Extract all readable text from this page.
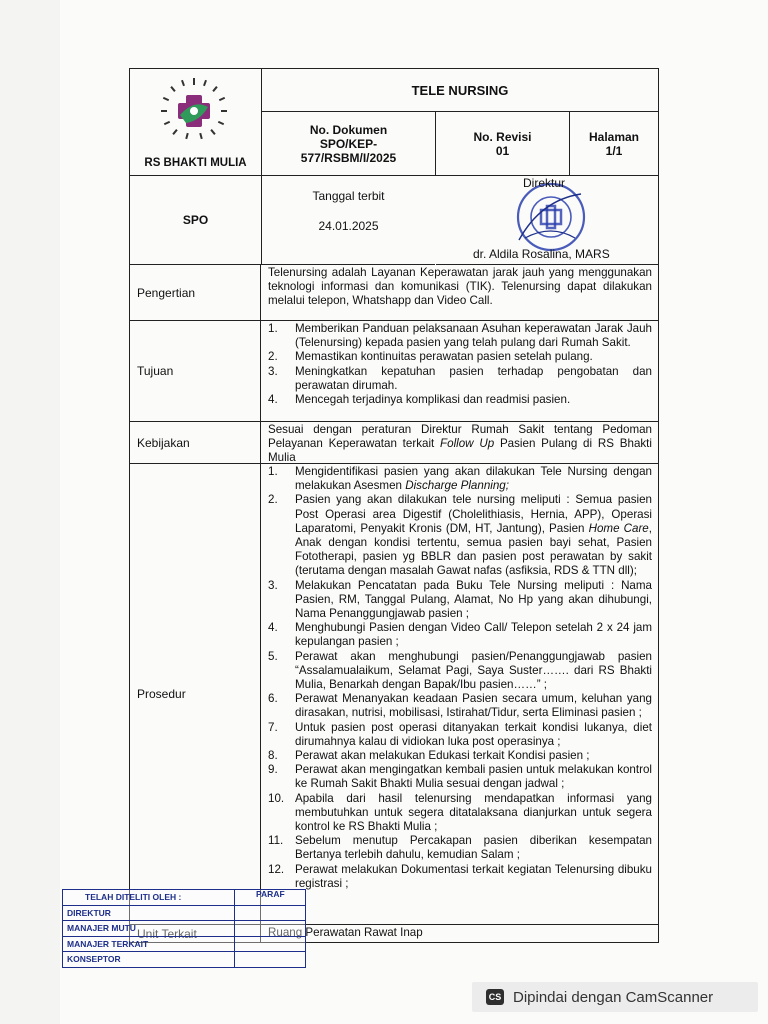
RS BHAKTI MULIA
TELE NURSING
No. Dokumen
SPO/KEP-
577/RSBM/I/2025
No. Revisi
01
Halaman
1/1
SPO
Tanggal terbit
24.01.2025
Direktur
dr. Aldila Rosalina, MARS
Pengertian
Telenursing adalah Layanan Keperawatan jarak jauh yang menggunakan teknologi informasi dan komunikasi (TIK). Telenursing dapat dilakukan melalui telepon, Whatshapp dan Video Call.
Tujuan
1. Memberikan Panduan pelaksanaan Asuhan keperawatan Jarak Jauh (Telenursing) kepada pasien yang telah pulang dari Rumah Sakit.
2. Memastikan kontinuitas perawatan pasien setelah pulang.
3. Meningkatkan kepatuhan pasien terhadap pengobatan dan perawatan dirumah.
4. Mencegah terjadinya komplikasi dan readmisi pasien.
Kebijakan
Sesuai dengan peraturan Direktur Rumah Sakit tentang Pedoman Pelayanan Keperawatan terkait Follow Up Pasien Pulang di RS Bhakti Mulia
Prosedur
1. Mengidentifikasi pasien yang akan dilakukan Tele Nursing dengan melakukan Asesmen Discharge Planning;
2. Pasien yang akan dilakukan tele nursing meliputi : Semua pasien Post Operasi area Digestif (Cholelithiasis, Hernia, APP), Operasi Laparatomi, Penyakit Kronis (DM, HT, Jantung), Pasien Home Care, Anak dengan kondisi tertentu, semua pasien bayi sehat, Pasien Fototherapi, pasien yg BBLR dan pasien post perawatan by sakit (terutama dengan masalah Gawat nafas (asfiksia, RDS & TTN dll);
3. Melakukan Pencatatan pada Buku Tele Nursing meliputi : Nama Pasien, RM, Tanggal Pulang, Alamat, No Hp yang akan dihubungi, Nama Penanggungjawab pasien ;
4. Menghubungi Pasien dengan Video Call/ Telepon setelah 2 x 24 jam kepulangan pasien ;
5. Perawat akan menghubungi pasien/Penanggungjawab pasien “Assalamualaikum, Selamat Pagi, Saya Suster……. dari RS Bhakti Mulia, Benarkah dengan Bapak/Ibu pasien……” ;
6. Perawat Menanyakan keadaan Pasien secara umum, keluhan yang dirasakan, nutrisi, mobilisasi, Istirahat/Tidur, serta Eliminasi pasien ;
7. Untuk pasien post operasi ditanyakan terkait kondisi lukanya, diet dirumahnya kalau di vidiokan luka post operasinya ;
8. Perawat akan melakukan Edukasi terkait Kondisi pasien ;
9. Perawat akan mengingatkan kembali pasien untuk melakukan kontrol ke Rumah Sakit Bhakti Mulia sesuai dengan jadwal ;
10. Apabila dari hasil telenursing mendapatkan informasi yang membutuhkan untuk segera ditatalaksana dianjurkan untuk segera kontrol ke RS Bhakti Mulia ;
11. Sebelum menutup Percakapan pasien diberikan kesempatan Bertanya terlebih dahulu, kemudian Salam ;
12. Perawat melakukan Dokumentasi terkait kegiatan Telenursing dibuku registrasi ;
Unit Terkait	Ruang Perawatan Rawat Inap
TELAH DITELITI OLEH :
DIREKTUR
MANAJER MUTU
MANAJER TERKAIT
KONSEPTOR
PARAF
CS Dipindai dengan CamScanner
